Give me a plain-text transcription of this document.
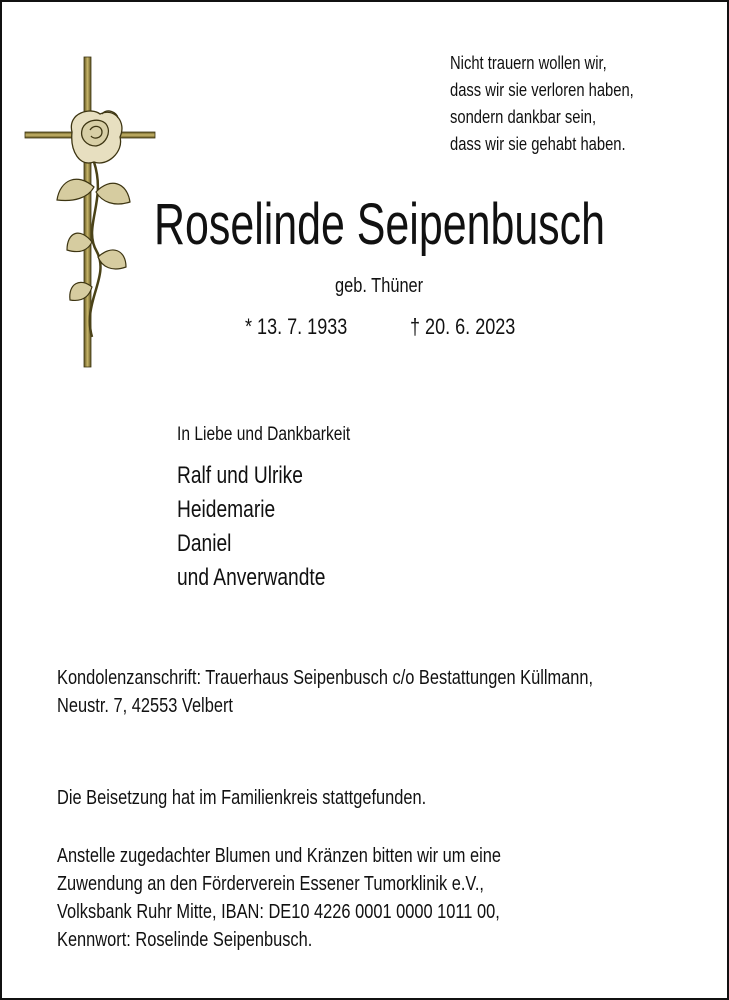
Nicht trauern wollen wir,
dass wir sie verloren haben,
sondern dankbar sein,
dass wir sie gehabt haben.
Roselinde Seipenbusch
geb. Thüner
* 13. 7. 1933	† 20. 6. 2023
In Liebe und Dankbarkeit
Ralf und Ulrike
Heidemarie
Daniel
und Anverwandte
Kondolenzanschrift: Trauerhaus Seipenbusch c/o Bestattungen Küllmann,
Neustr. 7, 42553 Velbert
Die Beisetzung hat im Familienkreis stattgefunden.
Anstelle zugedachter Blumen und Kränzen bitten wir um eine
Zuwendung an den Förderverein Essener Tumorklinik e.V.,
Volksbank Ruhr Mitte, IBAN: DE10 4226 0001 0000 1011 00,
Kennwort: Roselinde Seipenbusch.
